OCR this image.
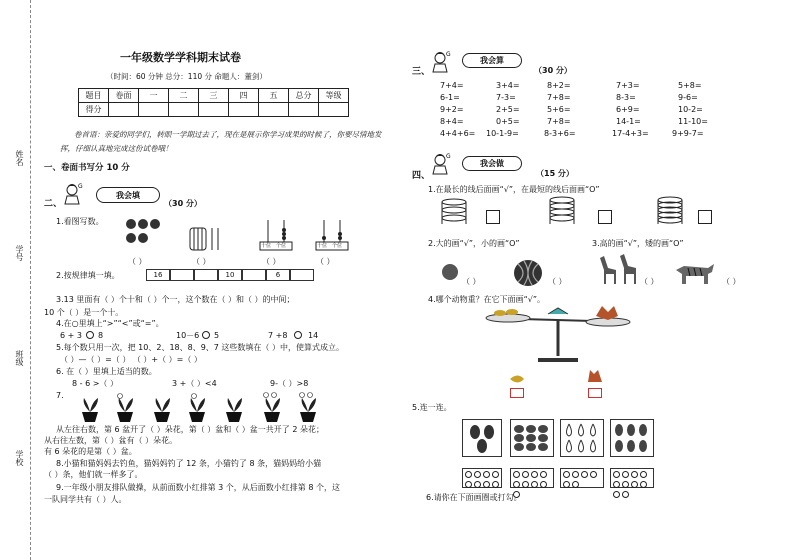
姓名
学号
班级
学校
一年级数学学科期末试卷
（时间：60 分钟 总分：110 分 命题人：董剑）
题目	卷面	一	二	三	四	五	总分	等级
得分								
卷首语：亲爱的同学们，转眼一学期过去了，现在是展示你学习成果的时候了，你要尽情地发挥，仔细认真地完成这份试卷哦！
一、卷面书写分 10 分
二、
G
我会填
（30 分）
1.看图写数。
十位 个位	十位 个位
（ ）	（ ）	（ ）	（ ）
2.按规律填一填。	16	10	6
3.13 里面有（ ）个十和（ ）个一，这个数在（ ）和（ ）的中间；
10 个（ ）是一个十。
4.在○里填上“>”“<”或“=”。
6 + 3 8	10－6 5	7 +8	14
5.每个数只用一次，把 10、2、18、8、9、7 这些数填在（ ）中，使算式成立。
（ ）—（ ）=（ ） （ ）+（ ）=（ ）
6. 在（ ）里填上适当的数。
8 - 6 >（ ）	3 +（ ）<4	9-（ ）>8
7.
从左往右数，第 6 盆开了（ ）朵花，第（ ）盆和（ ）盆一共开了 2 朵花；
从右往左数，第（ ）盆有（ ）朵花。
有 6 朵花的是第（ ）盆。
8.小猫和猫妈妈去钓鱼，猫妈妈钓了 12 条，小猫钓了 8 条，猫妈妈给小猫
（ ）条，他们就一样多了。
9.一年级小朋友排队做操，从前面数小红排第 3 个，从后面数小红排第 8 个，这
一队同学共有（ ）人。
三、
G
我会算
（30 分）
7+4=	3+4=	8+2=	7+3=	5+8=
6-1=	7-3=	7+8=	8-3=	9-6=
9+2=	2+5=	5+6=	6+9=	10-2=
8+4=	0+5=	7+8=	14-1=	11-10=
4+4+6= 10-1-9=	8-3+6=	17-4+3=	9+9-7=
四、
G
我会做
（15 分）
1.在最长的线后面画“√”，在最短的线后面画“O”
2.大的画“√”，小的画“O”	3.高的画“√”，矮的画“O”
（ ）	（ ）	（ ）	（ ）
4.哪个动物重？在它下面画“√”。
5.连一连。
6.请你在下面画圈或打勾。
